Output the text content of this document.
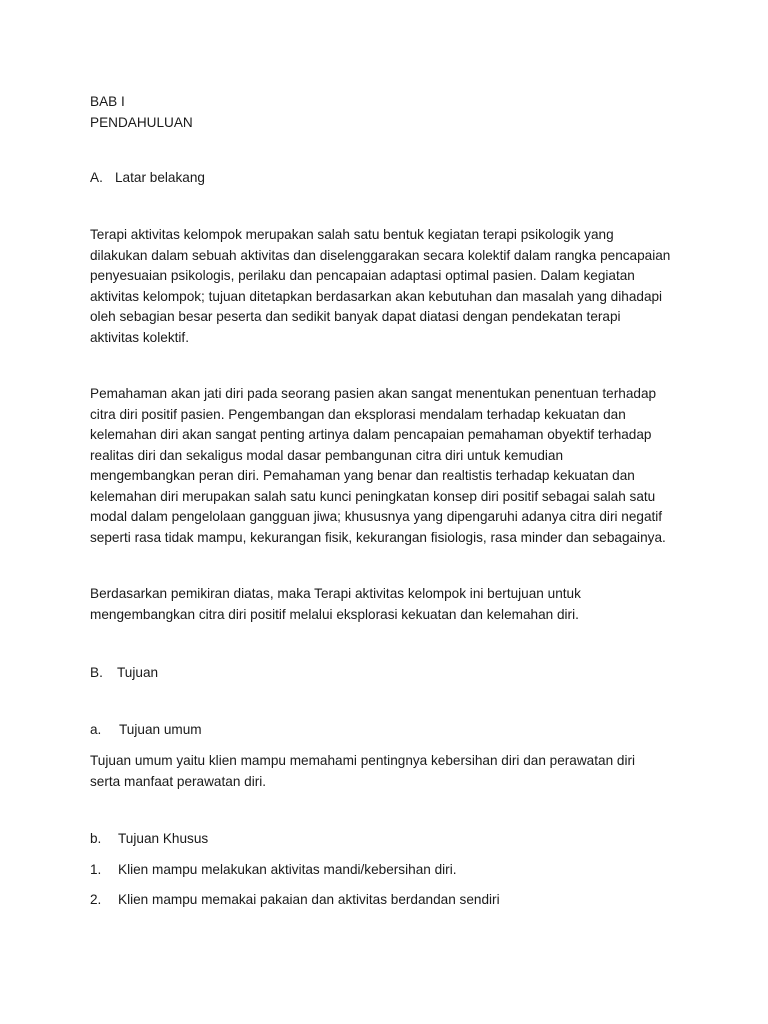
BAB I
PENDAHULUAN
A. Latar belakang
Terapi aktivitas kelompok merupakan salah satu bentuk kegiatan terapi psikologik yang
dilakukan dalam sebuah aktivitas dan diselenggarakan secara kolektif dalam rangka pencapaian
penyesuaian psikologis, perilaku dan pencapaian adaptasi optimal pasien. Dalam kegiatan
aktivitas kelompok; tujuan ditetapkan berdasarkan akan kebutuhan dan masalah yang dihadapi
oleh sebagian besar peserta dan sedikit banyak dapat diatasi dengan pendekatan terapi
aktivitas kolektif.
Pemahaman akan jati diri pada seorang pasien akan sangat menentukan penentuan terhadap
citra diri positif pasien. Pengembangan dan eksplorasi mendalam terhadap kekuatan dan
kelemahan diri akan sangat penting artinya dalam pencapaian pemahaman obyektif terhadap
realitas diri dan sekaligus modal dasar pembangunan citra diri untuk kemudian
mengembangkan peran diri. Pemahaman yang benar dan realtistis terhadap kekuatan dan
kelemahan diri merupakan salah satu kunci peningkatan konsep diri positif sebagai salah satu
modal dalam pengelolaan gangguan jiwa; khususnya yang dipengaruhi adanya citra diri negatif
seperti rasa tidak mampu, kekurangan fisik, kekurangan fisiologis, rasa minder dan sebagainya.
Berdasarkan pemikiran diatas, maka Terapi aktivitas kelompok ini bertujuan untuk
mengembangkan citra diri positif melalui eksplorasi kekuatan dan kelemahan diri.
B. Tujuan
a. Tujuan umum
Tujuan umum yaitu klien mampu memahami pentingnya kebersihan diri dan perawatan diri
serta manfaat perawatan diri.
b. Tujuan Khusus
1. Klien mampu melakukan aktivitas mandi/kebersihan diri.
2. Klien mampu memakai pakaian dan aktivitas berdandan sendiri
